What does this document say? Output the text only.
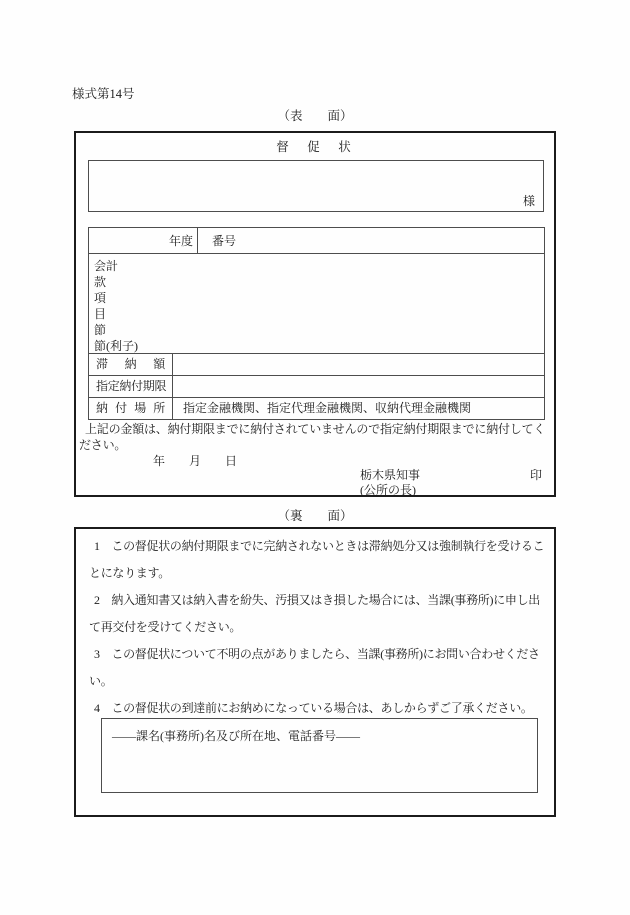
様式第14号
（表　　面）
督　促　状
様
年度	番号
会計
款
項
目
節
節(利子)
滞納額
指定納付期限
納付場所	指定金融機関、指定代理金融機関、収納代理金融機関
上記の金額は、納付期限までに納付されていませんので指定納付期限までに納付してく
ださい。
年　　月　　日
栃木県知事	印
(公所の長)
（裏　　面）
1　この督促状の納付期限までに完納されないときは滞納処分又は強制執行を受けるこ
とになります。
2　納入通知書又は納入書を紛失、汚損又はき損した場合には、当課(事務所)に申し出
て再交付を受けてください。
3　この督促状について不明の点がありましたら、当課(事務所)にお問い合わせくださ
い。
4　この督促状の到達前にお納めになっている場合は、あしからずご了承ください。
――課名(事務所)名及び所在地、電話番号――
